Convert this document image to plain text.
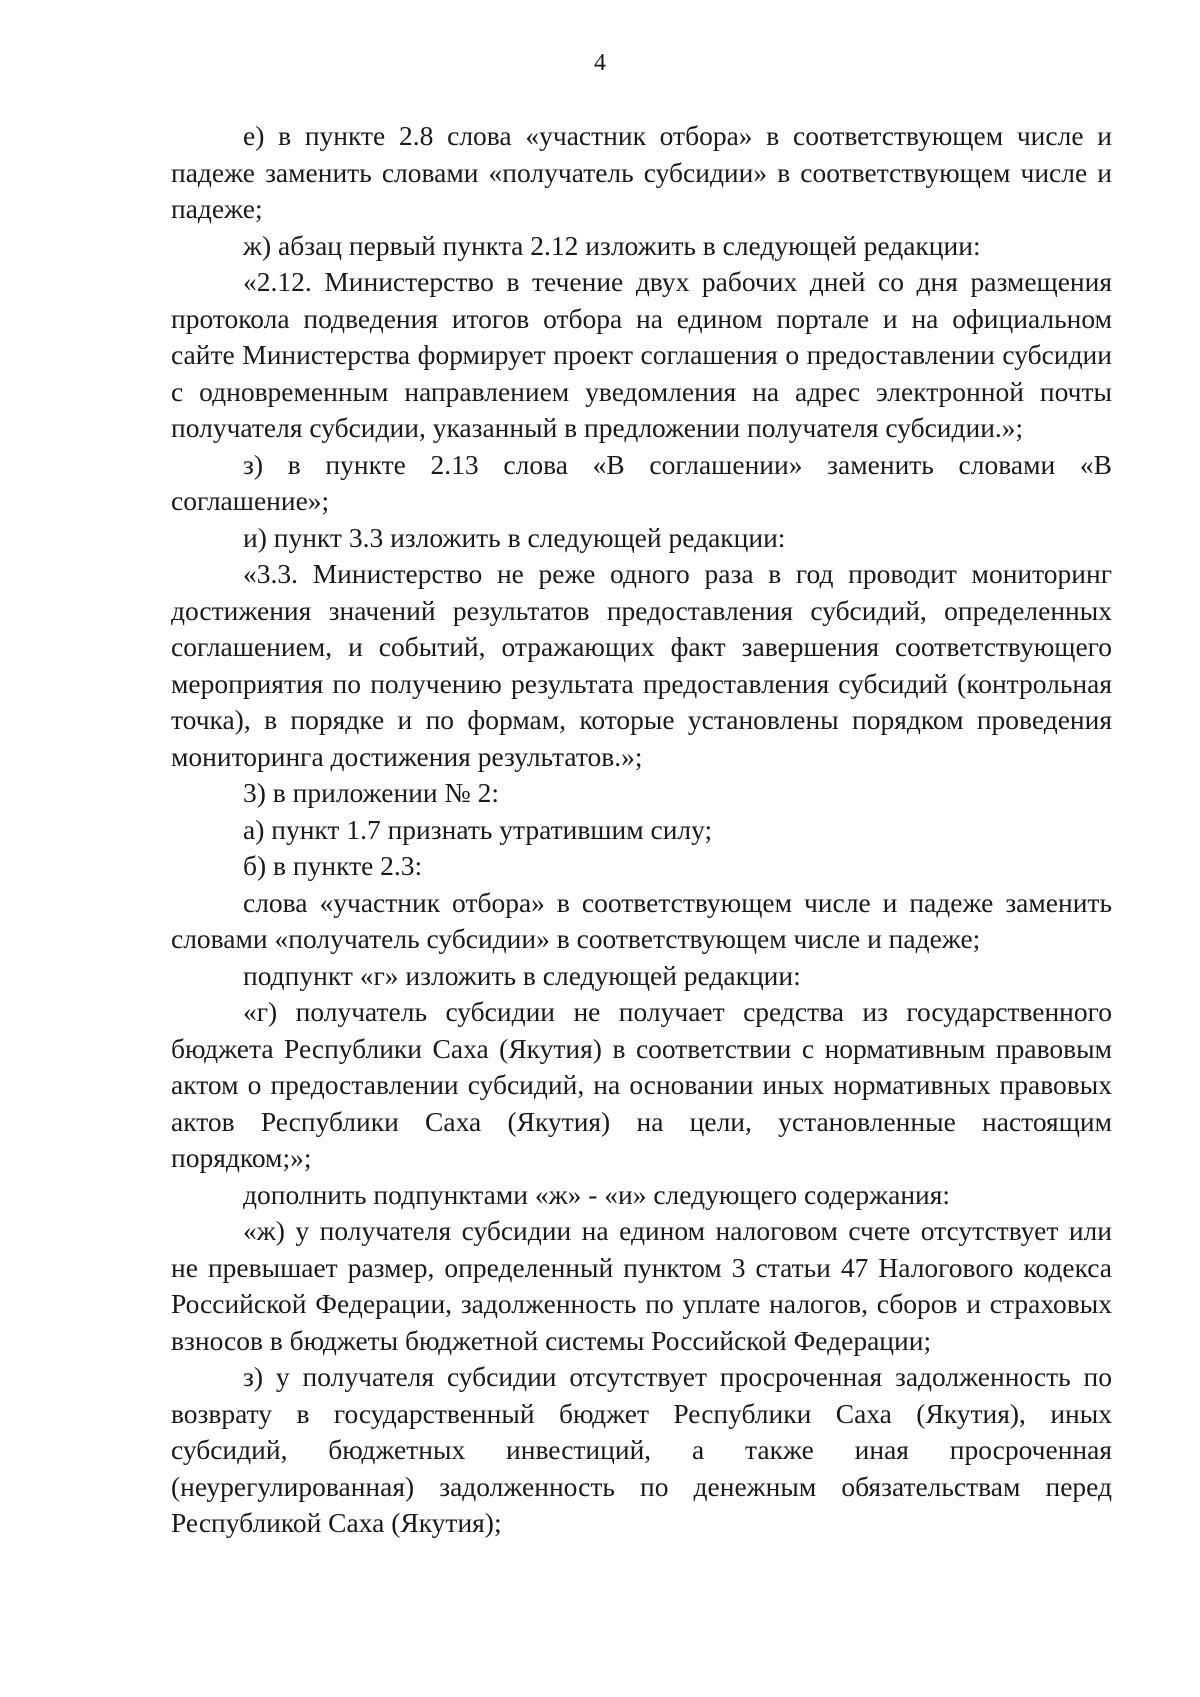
4

е) в пункте 2.8 слова «участник отбора» в соответствующем числе и падеже заменить словами «получатель субсидии» в соответствующем числе и падеже;

ж) абзац первый пункта 2.12 изложить в следующей редакции:

«2.12. Министерство в течение двух рабочих дней со дня размещения протокола подведения итогов отбора на едином портале и на официальном сайте Министерства формирует проект соглашения о предоставлении субсидии с одновременным направлением уведомления на адрес электронной почты получателя субсидии, указанный в предложении получателя субсидии.»;

з) в пункте 2.13 слова «В соглашении» заменить словами «В соглашение»;

и) пункт 3.3 изложить в следующей редакции:

«3.3. Министерство не реже одного раза в год проводит мониторинг достижения значений результатов предоставления субсидий, определенных соглашением, и событий, отражающих факт завершения соответствующего мероприятия по получению результата предоставления субсидий (контрольная точка), в порядке и по формам, которые установлены порядком проведения мониторинга достижения результатов.»;

3) в приложении № 2:

а) пункт 1.7 признать утратившим силу;

б) в пункте 2.3:

слова «участник отбора» в соответствующем числе и падеже заменить словами «получатель субсидии» в соответствующем числе и падеже;

подпункт «г» изложить в следующей редакции:

«г) получатель субсидии не получает средства из государственного бюджета Республики Саха (Якутия) в соответствии с нормативным правовым актом о предоставлении субсидий, на основании иных нормативных правовых актов Республики Саха (Якутия) на цели, установленные настоящим порядком;»;

дополнить подпунктами «ж» - «и» следующего содержания:

«ж) у получателя субсидии на едином налоговом счете отсутствует или не превышает размер, определенный пунктом 3 статьи 47 Налогового кодекса Российской Федерации, задолженность по уплате налогов, сборов и страховых взносов в бюджеты бюджетной системы Российской Федерации;

з) у получателя субсидии отсутствует просроченная задолженность по возврату в государственный бюджет Республики Саха (Якутия), иных субсидий, бюджетных инвестиций, а также иная просроченная (неурегулированная) задолженность по денежным обязательствам перед Республикой Саха (Якутия);
